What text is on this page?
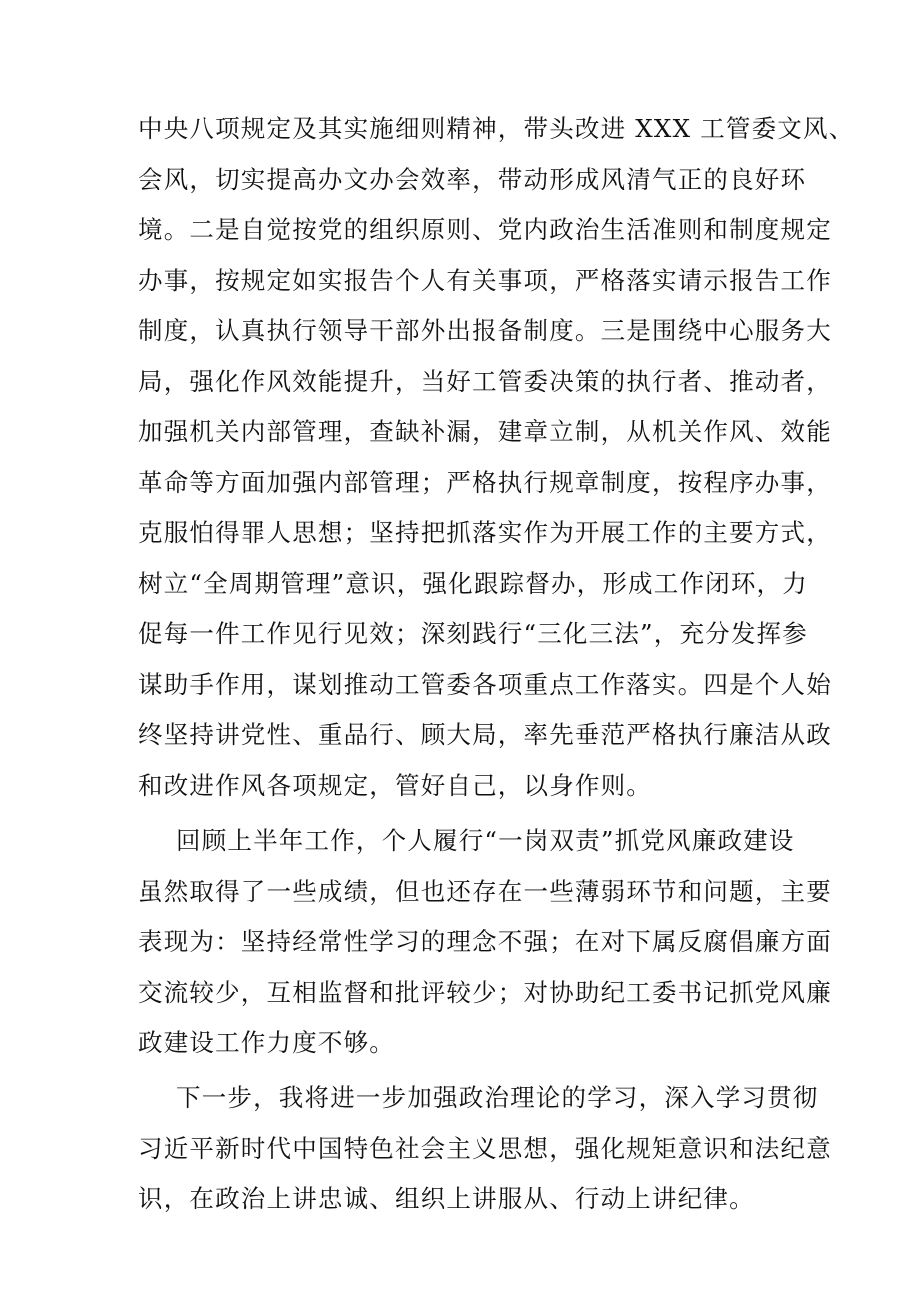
中央八项规定及其实施细则精神，带头改进 XXX 工管委文风、
会风，切实提高办文办会效率，带动形成风清气正的良好环
境。二是自觉按党的组织原则、党内政治生活准则和制度规定
办事，按规定如实报告个人有关事项，严格落实请示报告工作
制度，认真执行领导干部外出报备制度。三是围绕中心服务大
局，强化作风效能提升，当好工管委决策的执行者、推动者，
加强机关内部管理，查缺补漏，建章立制，从机关作风、效能
革命等方面加强内部管理；严格执行规章制度，按程序办事，
克服怕得罪人思想；坚持把抓落实作为开展工作的主要方式，
树立“全周期管理”意识，强化跟踪督办，形成工作闭环，力
促每一件工作见行见效；深刻践行“三化三法”，充分发挥参
谋助手作用，谋划推动工管委各项重点工作落实。四是个人始
终坚持讲党性、重品行、顾大局，率先垂范严格执行廉洁从政
和改进作风各项规定，管好自己，以身作则。
回顾上半年工作，个人履行“一岗双责”抓党风廉政建设
虽然取得了一些成绩，但也还存在一些薄弱环节和问题，主要
表现为：坚持经常性学习的理念不强；在对下属反腐倡廉方面
交流较少，互相监督和批评较少；对协助纪工委书记抓党风廉
政建设工作力度不够。
下一步，我将进一步加强政治理论的学习，深入学习贯彻
习近平新时代中国特色社会主义思想，强化规矩意识和法纪意
识，在政治上讲忠诚、组织上讲服从、行动上讲纪律。
